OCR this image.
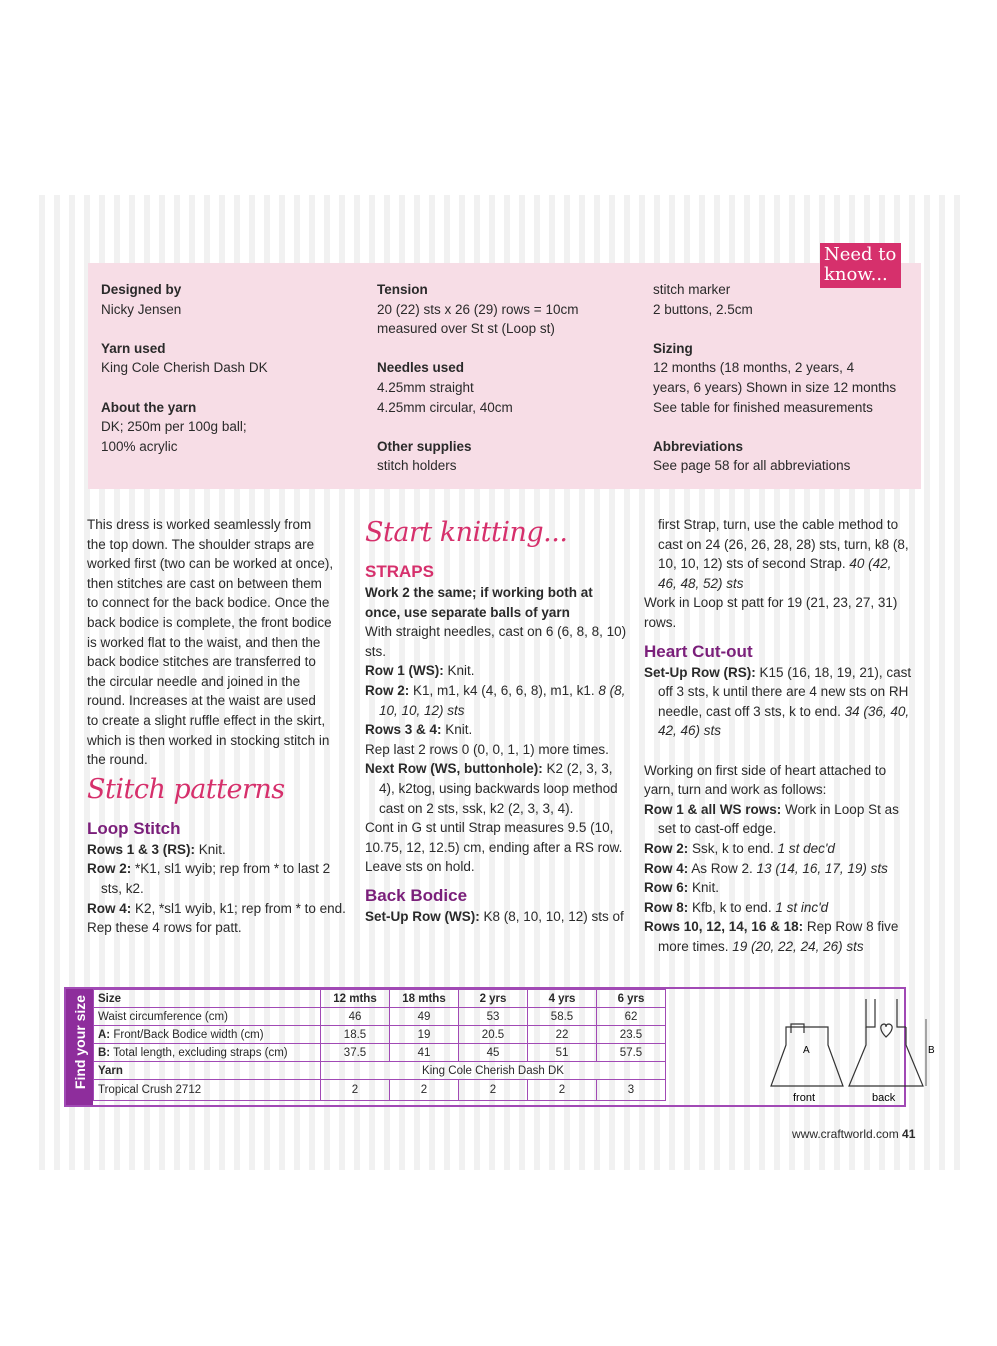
Need to
know...
Designed by
Nicky Jensen
Yarn used
King Cole Cherish Dash DK
About the yarn
DK; 250m per 100g ball;
100% acrylic
Tension
20 (22) sts x 26 (29) rows = 10cm
measured over St st (Loop st)
Needles used
4.25mm straight
4.25mm circular, 40cm
Other supplies
stitch holders
stitch marker
2 buttons, 2.5cm
Sizing
12 months (18 months, 2 years, 4
years, 6 years) Shown in size 12 months
See table for finished measurements
Abbreviations
See page 58 for all abbreviations
This dress is worked seamlessly from
the top down. The shoulder straps are
worked first (two can be worked at once),
then stitches are cast on between them
to connect for the back bodice. Once the
back bodice is complete, the front bodice
is worked flat to the waist, and then the
back bodice stitches are transferred to
the circular needle and joined in the
round. Increases at the waist are used
to create a slight ruffle effect in the skirt,
which is then worked in stocking stitch in
the round.
Stitch patterns
Loop Stitch

Rows 1 & 3 (RS): Knit.

Row 2: *K1, sl1 wyib; rep from * to last 2 sts, k2.

Row 4: K2, *sl1 wyib, k1; rep from * to end.

Rep these 4 rows for patt.

Start knitting...
STRAPS

Work 2 the same; if working both at once, use separate balls of yarn

With straight needles, cast on 6 (6, 8, 8, 10) sts.

Row 1 (WS): Knit.

Row 2: K1, m1, k4 (4, 6, 6, 8), m1, k1. 8 (8, 10, 10, 12) sts

Rows 3 & 4: Knit.

Rep last 2 rows 0 (0, 0, 1, 1) more times.

Next Row (WS, buttonhole): K2 (2, 3, 3, 4), k2tog, using backwards loop method cast on 2 sts, ssk, k2 (2, 3, 3, 4).

Cont in G st until Strap measures 9.5 (10, 10.75, 12, 12.5) cm, ending after a RS row.

Leave sts on hold.

Back Bodice

Set-Up Row (WS): K8 (8, 10, 10, 12) sts of

first Strap, turn, use the cable method to cast on 24 (26, 26, 28, 28) sts, turn, k8 (8, 10, 10, 12) sts of second Strap. 40 (42, 46, 48, 52) sts

Work in Loop st patt for 19 (21, 23, 27, 31) rows.

Heart Cut-out

Set-Up Row (RS): K15 (16, 18, 19, 21), cast off 3 sts, k until there are 4 new sts on RH needle, cast off 3 sts, k to end. 34 (36, 40, 42, 46) sts

Working on first side of heart attached to yarn, turn and work as follows:

Row 1 & all WS rows: Work in Loop St as set to cast-off edge.

Row 2: Ssk, k to end. 1 st dec'd

Row 4: As Row 2. 13 (14, 16, 17, 19) sts

Row 6: Knit.

Row 8: Kfb, k to end. 1 st inc'd

Rows 10, 12, 14, 16 & 18: Rep Row 8 five more times. 19 (20, 22, 24, 26) sts

Find your size Size	12 mths	18 mths	2 yrs	4 yrs	6 yrs
Waist circumference (cm)	46	49	53	58.5	62
A: Front/Back Bodice width (cm)	18.5	19	20.5	22	23.5
B: Total length, excluding straps (cm)	37.5	41	45	51	57.5
Yarn	King Cole Cherish Dash DK				
Tropical Crush 2712	2	2	2	2	3
A	B
front	back
www.craftworld.com 41
